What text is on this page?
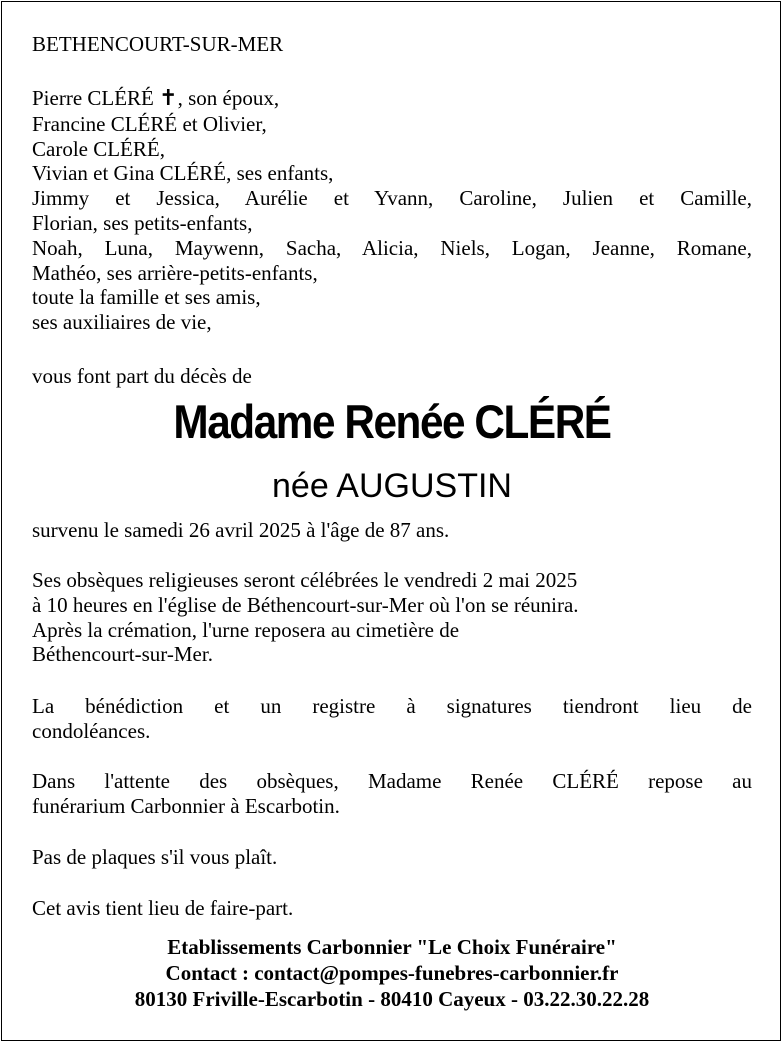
BETHENCOURT-SUR-MER
Pierre CLÉRÉ ✝, son époux,
Francine CLÉRÉ et Olivier,
Carole CLÉRÉ,
Vivian et Gina CLÉRÉ, ses enfants,
Jimmy et Jessica, Aurélie et Yvann, Caroline, Julien et Camille,
Florian, ses petits-enfants,
Noah, Luna, Maywenn, Sacha, Alicia, Niels, Logan, Jeanne, Romane,
Mathéo, ses arrière-petits-enfants,
toute la famille et ses amis,
ses auxiliaires de vie,
vous font part du décès de
Madame Renée CLÉRÉ
née AUGUSTIN
survenu le samedi 26 avril 2025 à l'âge de 87 ans.
Ses obsèques religieuses seront célébrées le vendredi 2 mai 2025
à 10 heures en l'église de Béthencourt-sur-Mer où l'on se réunira.
Après la crémation, l'urne reposera au cimetière de
Béthencourt-sur-Mer.
La bénédiction et un registre à signatures tiendront lieu de
condoléances.
Dans l'attente des obsèques, Madame Renée CLÉRÉ repose au
funérarium Carbonnier à Escarbotin.
Pas de plaques s'il vous plaît.
Cet avis tient lieu de faire-part.
Etablissements Carbonnier "Le Choix Funéraire"
Contact : contact@pompes-funebres-carbonnier.fr
80130 Friville-Escarbotin - 80410 Cayeux - 03.22.30.22.28
